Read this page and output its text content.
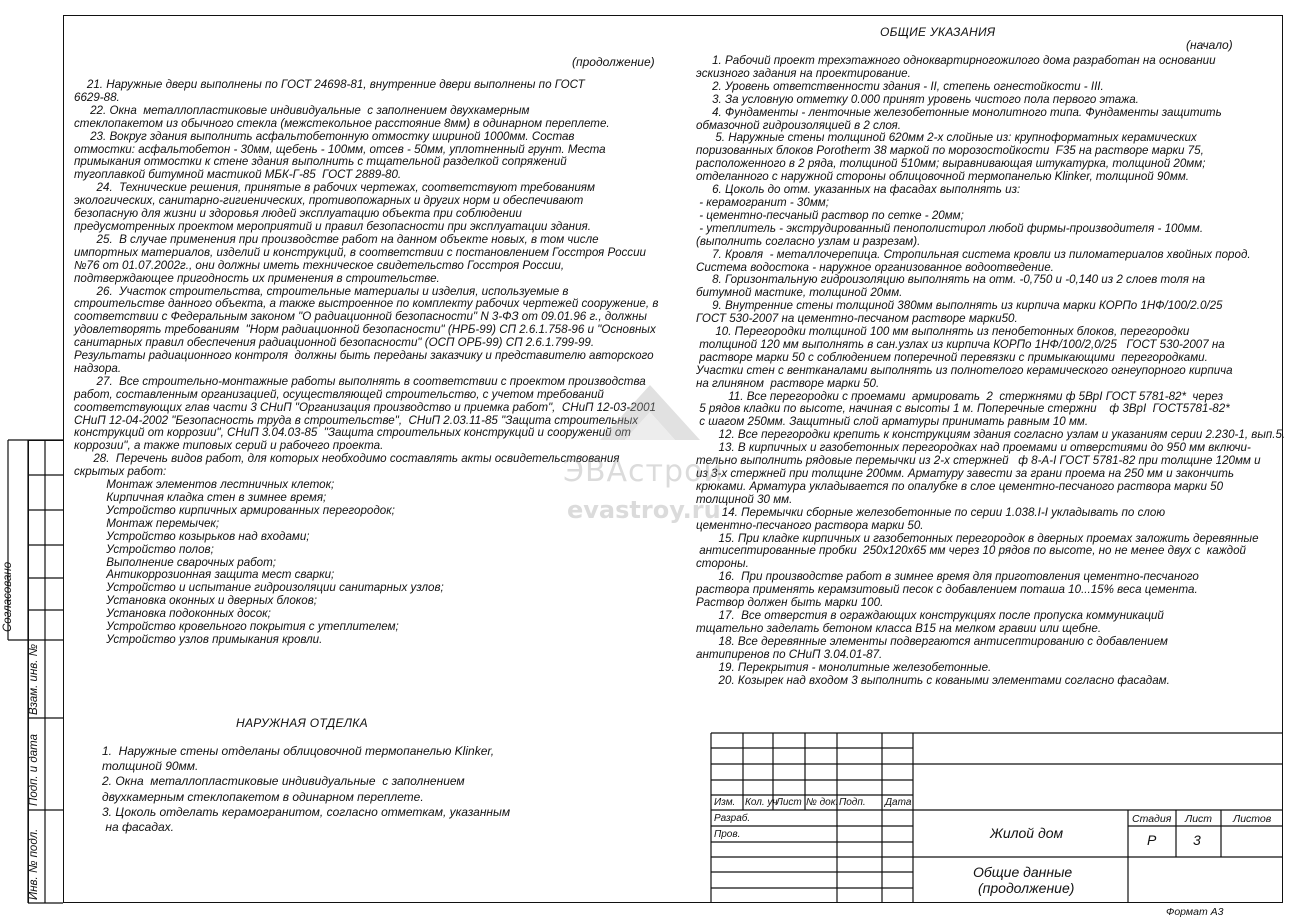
(продолжение)
ОБЩИЕ УКАЗАНИЯ
(начало)

21. Наружные двери выполнены по ГОСТ 24698-81, внутренние двери выполнены по ГОСТ

6629-88.

22. Окна  металлопластиковые индивидуальные  с заполнением двухкамерным

стеклопакетом из обычного стекла (межстекольное расстояние 8мм) в одинарном переплете.

23. Вокруг здания выполнить асфальтобетонную отмостку шириной 1000мм. Состав

отмостки: асфальтобетон - 30мм, щебень - 100мм, отсев - 50мм, уплотненный грунт. Места

примыкания отмостки к стене здания выполнить с тщательной разделкой сопряжений

тугоплавкой битумной мастикой МБК-Г-85  ГОСТ 2889-80.

24.  Технические решения, принятые в рабочих чертежах, соответствуют требованиям

экологических, санитарно-гигиенических, противопожарных и других норм и обеспечивают

безопасную для жизни и здоровья людей эксплуатацию объекта при соблюдении

предусмотренных проектом мероприятий и правил безопасности при эксплуатации здания.

25.  В случае применения при производстве работ на данном объекте новых, в том числе

импортных материалов, изделий и конструкций, в соответствии с постановлением Госстроя России

№76 от 01.07.2002г., они должны иметь техническое свидетельство Госстроя России,

подтверждающее пригодность их применения в строительстве.

26.  Участок строительства, строительные материалы и изделия, используемые в

строительстве данного объекта, а также выстроенное по комплекту рабочих чертежей сооружение, в

соответствии с Федеральным законом "О радиационной безопасности" N 3-ФЗ от 09.01.96 г., должны

удовлетворять требованиям  "Норм радиационной безопасности" (НРБ-99) СП 2.6.1.758-96 и "Основных

санитарных правил обеспечения радиационной безопасности" (ОСП ОРБ-99) СП 2.6.1.799-99.

Результаты радиационного контроля  должны быть переданы заказчику и представителю авторского

надзора.

27.  Все строительно-монтажные работы выполнять в соответствии с проектом производства

работ, составленным организацией, осуществляющей строительство, с учетом требований

соответствующих глав части 3 СНиП "Организация производство и приемка работ",  СНиП 12-03-2001

СНиП 12-04-2002 "Безопасность труда в строительстве",  СНиП 2.03.11-85 "Защита строительных

конструкций от коррозии", СНиП 3.04.03-85  "Защита строительных конструкций и сооружений от

коррозии", а также типовых серий и рабочего проекта.

28.  Перечень видов работ, для которых необходимо составлять акты освидетельствования

скрытых работ:

Монтаж элементов лестничных клеток;

Кирпичная кладка стен в зимнее время;

Устройство кирпичных армированных перегородок;

Монтаж перемычек;

Устройство козырьков над входами;

Устройство полов;

Выполнение сварочных работ;

Антикоррозионная защита мест сварки;

Устройство и испытание гидроизоляции санитарных узлов;

Установка оконных и дверных блоков;

Установка подоконных досок;

Устройство кровельного покрытия с утеплителем;

Устройство узлов примыкания кровли.

1. Рабочий проект трехэтажного одноквартирногожилого дома разработан на основании

эскизного задания на проектирование.

2. Уровень ответственности здания - II, степень огнестойкости - III.

3. За условную отметку 0.000 принят уровень чистого пола первого этажа.

4. Фундаменты - ленточные железобетонные монолитного типа. Фундаменты защитить

обмазочной гидроизоляцией в 2 слоя.

5. Наружные стены толщиной 620мм 2-х слойные из: крупноформатных керамических

поризованных блоков Porotherm 38 маркой по морозостойкости  F35 на растворе марки 75,

расположенного в 2 ряда, толщиной 510мм; выравнивающая штукатурка, толщиной 20мм;

отделанного с наружной стороны облицовочной термопанелью Klinker, толщиной 90мм.

6. Цоколь до отм. указанных на фасадах выполнять из:

- керамогранит - 30мм;

- цементно-песчаный раствор по сетке - 20мм;

- утеплитель - экструдированный пенополистирол любой фирмы-производителя - 100мм.

(выполнить согласно узлам и разрезам).

7. Кровля  - металлочерепица. Стропильная система кровли из пиломатериалов хвойных пород.

Система водостока - наружное организованное водоотведение.

8. Горизонтальную гидроизоляцию выполнять на отм. -0,750 и -0,140 из 2 слоев толя на

битумной мастике, толщиной 20мм.

9. Внутренние стены толщиной 380мм выполнять из кирпича марки КОРПо 1НФ/100/2.0/25

ГОСТ 530-2007 на цементно-песчаном растворе марки50.

10. Перегородки толщиной 100 мм выполнять из пенобетонных блоков, перегородки

толщиной 120 мм выполнять в сан.узлах из кирпича КОРПо 1НФ/100/2,0/25   ГОСТ 530-2007 на

растворе марки 50 с соблюдением поперечной перевязки с примыкающими  перегородками.

Участки стен с вентканалами выполнять из полнотелого керамического огнеупорного кирпича

на глиняном  растворе марки 50.

11. Все перегородки с проемами  армировать  2  стержнями ф 5BpI ГОСТ 5781-82*  через

5 рядов кладки по высоте, начиная с высоты 1 м. Поперечные стержни    ф 3BpI  ГОСТ5781-82*

с шагом 250мм. Защитный слой арматуры принимать равным 10 мм.

12. Все перегородки крепить к конструкциям здания согласно узлам и указаниям серии 2.230-1, вып.5.

13. В кирпичных и газобетонных перегородках над проемами и отверстиями до 950 мм включи-

тельно выполнить рядовые перемычки из 2-х стержней   ф 8-А-I ГОСТ 5781-82 при толщине 120мм и

из 3-х стержней при толщине 200мм. Арматуру завести за грани проема на 250 мм и закончить

крюками. Арматура укладывается по опалубке в слое цементно-песчаного раствора марки 50

толщиной 30 мм.

14. Перемычки сборные железобетонные по серии 1.038.I-I укладывать по слою

цементно-песчаного раствора марки 50.

15. При кладке кирпичных и газобетонных перегородок в дверных проемах заложить деревянные

антисептированные пробки  250х120х65 мм через 10 рядов по высоте, но не менее двух с  каждой

стороны.

16.  При производстве работ в зимнее время для приготовления цементно-песчаного

раствора применять керамзитовый песок с добавлением поташа 10...15% веса цемента.

Раствор должен быть марки 100.

17.  Все отверстия в ограждающих конструкциях после пропуска коммуникаций

тщательно заделать бетоном класса В15 на мелком гравии или щебне.

18. Все деревянные элементы подвергаются антисептированию с добавлением

антипиренов по СНиП 3.04.01-87.

19. Перекрытия - монолитные железобетонные.

20. Козырек над входом 3 выполнить с коваными элементами согласно фасадам.

НАРУЖНАЯ ОТДЕЛКА

1.  Наружные стены отделаны облицовочной термопанелью Klinker,

толщиной 90мм.

2. Окна  металлопластиковые индивидуальные  с заполнением

двухкамерным стеклопакетом в одинарном переплете.

3. Цоколь отделать керамогранитом, согласно отметкам, указанным

на фасадах.

ЭВАстрой
evastroy.ru
Согласовано
Взам. инв. №
Подп. и дата
Инв. № подл.
Изм. Кол. уч
Лист № док. Подп. Дата
Разраб.
Пров.	Жилой дом
Стадия Лист Листов
Р	3
Общие данные
(продолжение)
Формат А3
